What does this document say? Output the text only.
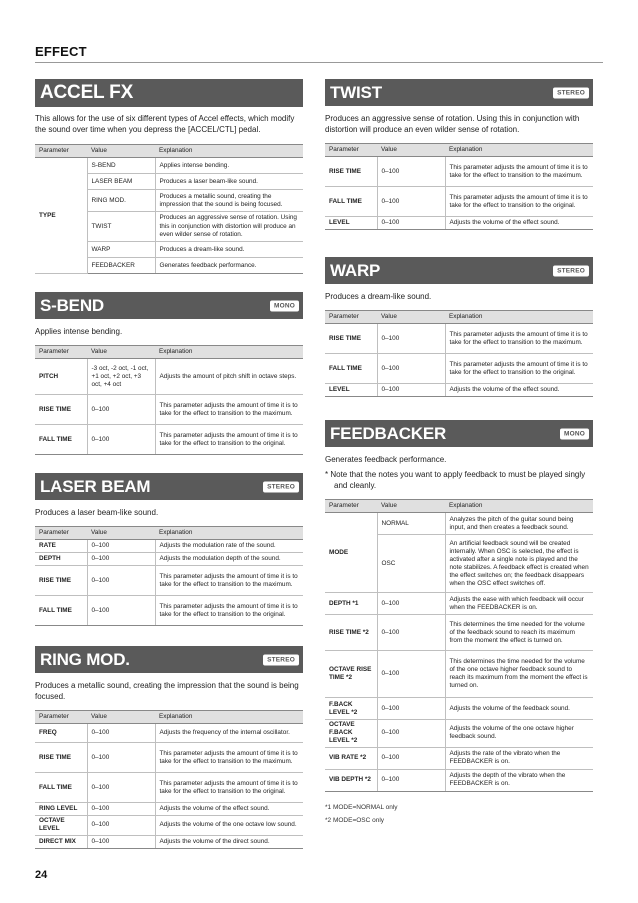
EFFECT
ACCEL FX
This allows for the use of six different types of Accel effects, which modify the sound over time when you depress the [ACCEL/CTL] pedal.
Parameter	Value	Explanation
TYPE	S-BEND	Applies intense bending.
	LASER BEAM	Produces a laser beam-like sound.
	RING MOD.	Produces a metallic sound, creating the impression that the sound is being focused.
	TWIST	Produces an aggressive sense of rotation. Using this in conjunction with distortion will produce an even wilder sense of rotation.
	WARP	Produces a dream-like sound.
	FEEDBACKER	Generates feedback performance.
S-BEND	MONO
Applies intense bending.
Parameter	Value	Explanation
PITCH	-3 oct, -2 oct, -1 oct, +1 oct, +2 oct, +3 oct, +4 oct	Adjusts the amount of pitch shift in octave steps.
RISE TIME	0–100	This parameter adjusts the amount of time it is to take for the effect to transition to the maximum.
FALL TIME	0–100	This parameter adjusts the amount of time it is to take for the effect to transition to the original.
LASER BEAM	STEREO
Produces a laser beam-like sound.
Parameter	Value	Explanation
RATE	0–100	Adjusts the modulation rate of the sound.
DEPTH	0–100	Adjusts the modulation depth of the sound.
RISE TIME	0–100	This parameter adjusts the amount of time it is to take for the effect to transition to the maximum.
FALL TIME	0–100	This parameter adjusts the amount of time it is to take for the effect to transition to the original.
RING MOD.	STEREO
Produces a metallic sound, creating the impression that the sound is being focused.
Parameter	Value	Explanation
FREQ	0–100	Adjusts the frequency of the internal oscillator.
RISE TIME	0–100	This parameter adjusts the amount of time it is to take for the effect to transition to the maximum.
FALL TIME	0–100	This parameter adjusts the amount of time it is to take for the effect to transition to the original.
RING LEVEL	0–100	Adjusts the volume of the effect sound.
OCTAVE LEVEL	0–100	Adjusts the volume of the one octave low sound.
DIRECT MIX	0–100	Adjusts the volume of the direct sound.
TWIST	STEREO
Produces an aggressive sense of rotation. Using this in conjunction with distortion will produce an even wilder sense of rotation.
Parameter	Value	Explanation
RISE TIME	0–100	This parameter adjusts the amount of time it is to take for the effect to transition to the maximum.
FALL TIME	0–100	This parameter adjusts the amount of time it is to take for the effect to transition to the original.
LEVEL	0–100	Adjusts the volume of the effect sound.
WARP	STEREO
Produces a dream-like sound.
Parameter	Value	Explanation
RISE TIME	0–100	This parameter adjusts the amount of time it is to take for the effect to transition to the maximum.
FALL TIME	0–100	This parameter adjusts the amount of time it is to take for the effect to transition to the original.
LEVEL	0–100	Adjusts the volume of the effect sound.
FEEDBACKER	MONO
Generates feedback performance.
* Note that the notes you want to apply feedback to must be played singly and cleanly.
Parameter	Value	Explanation
MODE	NORMAL	Analyzes the pitch of the guitar sound being input, and then creates a feedback sound.
	OSC	An artificial feedback sound will be created internally. When OSC is selected, the effect is activated after a single note is played and the note stabilizes. A feedback effect is created when the effect switches on; the feedback disappears when the OSC effect switches off.
DEPTH *1	0–100	Adjusts the ease with which feedback will occur when the FEEDBACKER is on.
RISE TIME *2	0–100	This determines the time needed for the volume of the feedback sound to reach its maximum from the moment the effect is turned on.
OCTAVE RISE TIME *2	0–100	This determines the time needed for the volume of the one octave higher feedback sound to reach its maximum from the moment the effect is turned on.
F.BACK LEVEL *2	0–100	Adjusts the volume of the feedback sound.
OCTAVE F.BACK LEVEL *2	0–100	Adjusts the volume of the one octave higher feedback sound.
VIB RATE *2	0–100	Adjusts the rate of the vibrato when the FEEDBACKER is on.
VIB DEPTH *2	0–100	Adjusts the depth of the vibrato when the FEEDBACKER is on.
*1 MODE=NORMAL only
*2 MODE=OSC only
24
